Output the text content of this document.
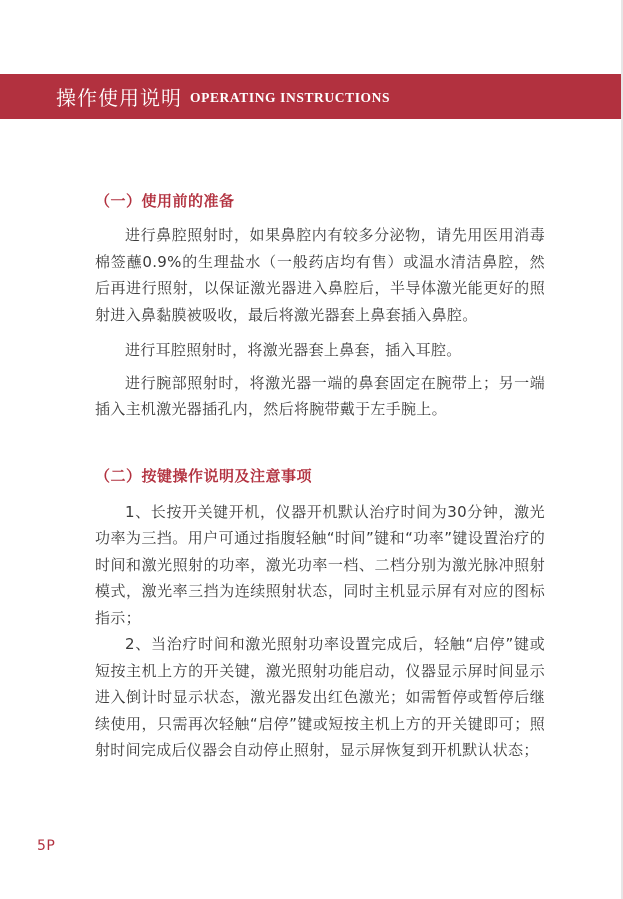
操作使用说明 OPERATING INSTRUCTIONS
（一）使用前的准备

进行鼻腔照射时，如果鼻腔内有较多分泌物，请先用医用消毒棉签蘸0.9%的生理盐水（一般药店均有售）或温水清洁鼻腔，然后再进行照射，以保证激光器进入鼻腔后，半导体激光能更好的照射进入鼻黏膜被吸收，最后将激光器套上鼻套插入鼻腔。

进行耳腔照射时，将激光器套上鼻套，插入耳腔。

进行腕部照射时，将激光器一端的鼻套固定在腕带上；另一端插入主机激光器插孔内，然后将腕带戴于左手腕上。

（二）按键操作说明及注意事项

1、长按开关键开机，仪器开机默认治疗时间为30分钟，激光功率为三挡。用户可通过指腹轻触“时间”键和“功率”键设置治疗的时间和激光照射的功率，激光功率一档、二档分别为激光脉冲照射模式，激光率三挡为连续照射状态，同时主机显示屏有对应的图标指示；

2、当治疗时间和激光照射功率设置完成后，轻触“启停”键或短按主机上方的开关键，激光照射功能启动，仪器显示屏时间显示进入倒计时显示状态，激光器发出红色激光；如需暂停或暂停后继续使用，只需再次轻触“启停”键或短按主机上方的开关键即可；照射时间完成后仪器会自动停止照射，显示屏恢复到开机默认状态；

5P
